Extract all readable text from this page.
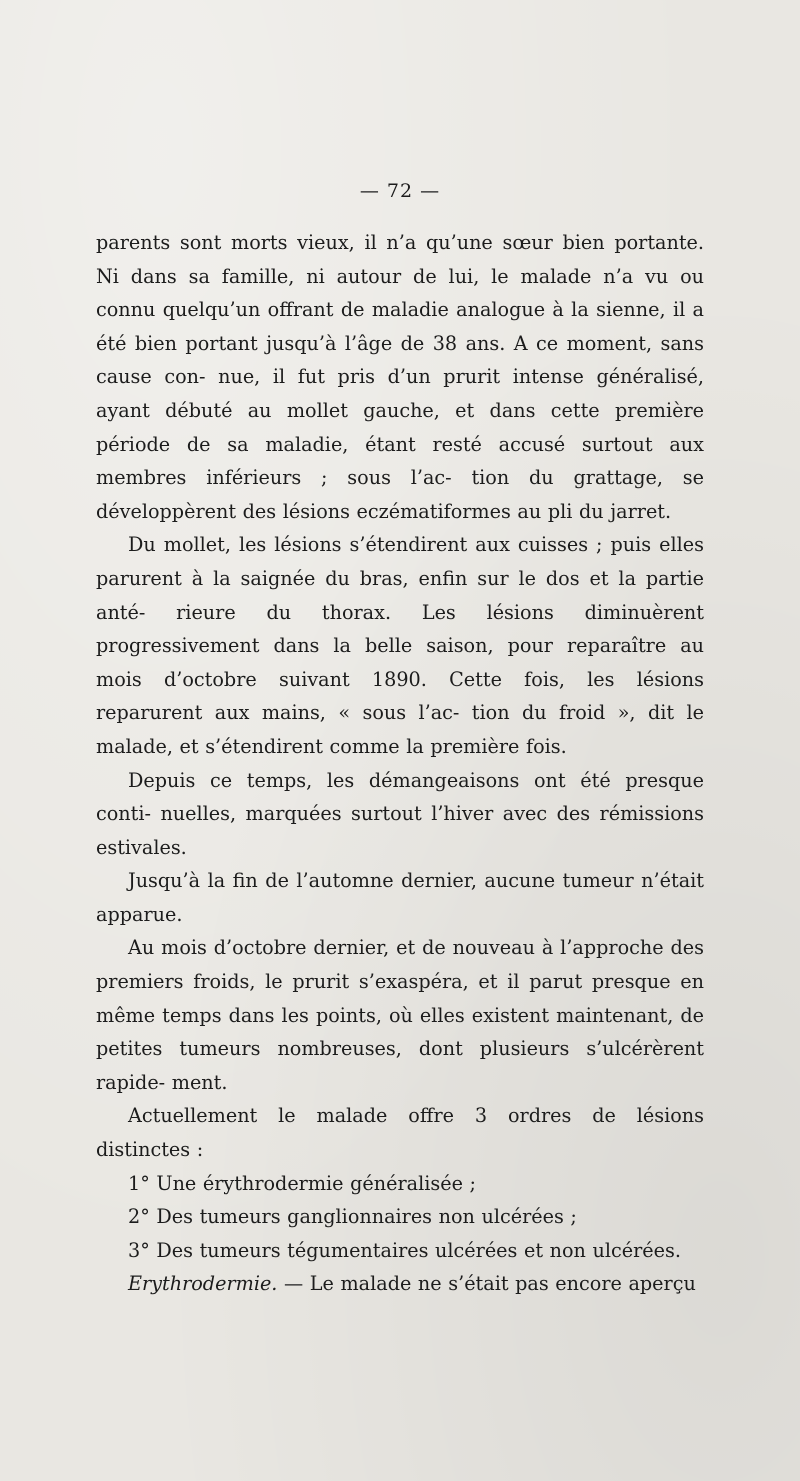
— 72 —

parents sont morts vieux, il n’a qu’une sœur bien portante. Ni dans sa famille, ni autour de lui, le malade n’a vu ou connu quelqu’un offrant de maladie analogue à la sienne, il a été bien portant jusqu’à l’âge de 38 ans. A ce moment, sans cause con- nue, il fut pris d’un prurit intense généralisé, ayant débuté au mollet gauche, et dans cette première période de sa maladie, étant resté accusé surtout aux membres inférieurs ; sous l’ac- tion du grattage, se développèrent des lésions eczématiformes au pli du jarret.

Du mollet, les lésions s’étendirent aux cuisses ; puis elles parurent à la saignée du bras, enfin sur le dos et la partie anté- rieure du thorax. Les lésions diminuèrent progressivement dans la belle saison, pour reparaître au mois d’octobre suivant 1890. Cette fois, les lésions reparurent aux mains, « sous l’ac- tion du froid », dit le malade, et s’étendirent comme la première fois.

Depuis ce temps, les démangeaisons ont été presque conti- nuelles, marquées surtout l’hiver avec des rémissions estivales.

Jusqu’à la fin de l’automne dernier, aucune tumeur n’était apparue.

Au mois d’octobre dernier, et de nouveau à l’approche des premiers froids, le prurit s’exaspéra, et il parut presque en même temps dans les points, où elles existent maintenant, de petites tumeurs nombreuses, dont plusieurs s’ulcérèrent rapide- ment.

Actuellement le malade offre 3 ordres de lésions distinctes :

1° Une érythrodermie généralisée ;

2° Des tumeurs ganglionnaires non ulcérées ;

3° Des tumeurs tégumentaires ulcérées et non ulcérées.

Erythrodermie. — Le malade ne s’était pas encore aperçu
